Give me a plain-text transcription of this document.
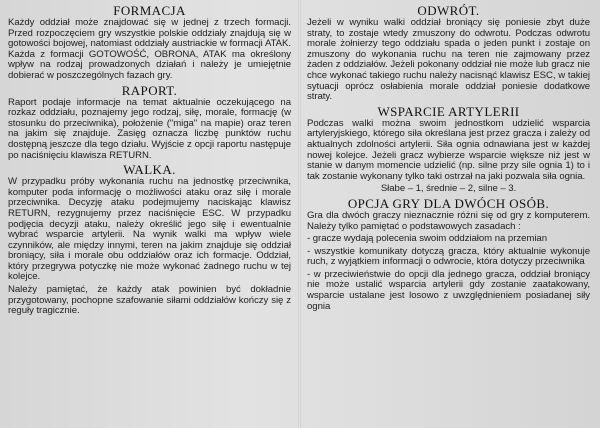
FORMACJA

Każdy oddział może znajdować się w jednej z trzech formacji. Przed rozpoczęciem gry wszystkie polskie oddziały znajdują się w gotowości bojowej, natomiast oddziały austriackie w formacji ATAK. Każda z formacji GOTOWOŚĆ, OBRONA, ATAK ma określony wpływ na rodzaj prowadzonych działań i należy je umiejętnie dobierać w poszczególnych fazach gry.

RAPORT.

Raport podaje informacje na temat aktualnie oczekującego na rozkaz oddziału, poznajemy jego rodzaj, siłę, morale, formację (w stosunku do przeciwnika), położenie ("miga" na mapie) oraz teren na jakim się znajduje. Zasięg oznacza liczbę punktów ruchu dostępną jeszcze dla tego działu. Wyjście z opcji raportu następuje po naciśnięciu klawisza RETURN.

WALKA.

W przypadku próby wykonania ruchu na jednostkę przeciwnika, komputer poda informację o możliwości ataku oraz siłę i morale przeciwnika. Decyzję ataku podejmujemy naciskając klawisz RETURN, rezygnujemy przez naciśnięcie ESC. W przypadku podjęcia decyzji ataku, należy określić jego siłę i ewentualnie wybrać wsparcie artylerii. Na wynik walki ma wpływ wiele czynników, ale między innymi, teren na jakim znajduje się oddział broniący, siła i morale obu oddziałów oraz ich formacje. Oddział, który przegrywa potyczkę nie może wykonać żadnego ruchu w tej kolejce.

Należy pamiętać, że każdy atak powinien być dokładnie przygotowany, pochopne szafowanie siłami oddziałów kończy się z reguły tragicznie.

ODWRÓT.

Jeżeli w wyniku walki oddział broniący się poniesie zbyt duże straty, to zostaje wtedy zmuszony do odwrotu. Podczas odwrotu morale żołnierzy tego oddziału spada o jeden punkt i zostaje on zmuszony do wykonania ruchu na teren nie zajmowany przez żaden z oddziałów. Jeżeli pokonany oddział nie może lub gracz nie chce wykonać takiego ruchu należy nacisnąć klawisz ESC, w takiej sytuacji oprócz osłabienia morale oddział poniesie dodatkowe straty.

WSPARCIE ARTYLERII

Podczas walki można swoim jednostkom udzielić wsparcia artyleryjskiego, którego siła określana jest przez gracza i zależy od aktualnych zdolności artylerii. Siła ognia odnawiana jest w każdej nowej kolejce. Jeżeli gracz wybierze wsparcie większe niż jest w stanie w danym momencie udzielić (np. silne przy sile ognia 1) to i tak zostanie wykonany tylko taki ostrzał na jaki pozwala siła ognia.

Słabe – 1, średnie – 2, silne – 3.

OPCJA GRY DLA DWÓCH OSÓB.

Gra dla dwóch graczy nieznacznie różni się od gry z komputerem. Należy tylko pamiętać o podstawowych zasadach :

- gracze wydają polecenia swoim oddziałom na przemian

- wszystkie komunikaty dotyczą gracza, który aktualnie wykonuje ruch, z wyjątkiem informacji o odwrocie, która dotyczy przeciwnika

- w przeciwieństwie do opcji dla jednego gracza, oddział broniący nie może ustalić wsparcia artylerii gdy zostanie zaatakowany, wsparcie ustalane jest losowo z uwzględnieniem posiadanej siły ognia
